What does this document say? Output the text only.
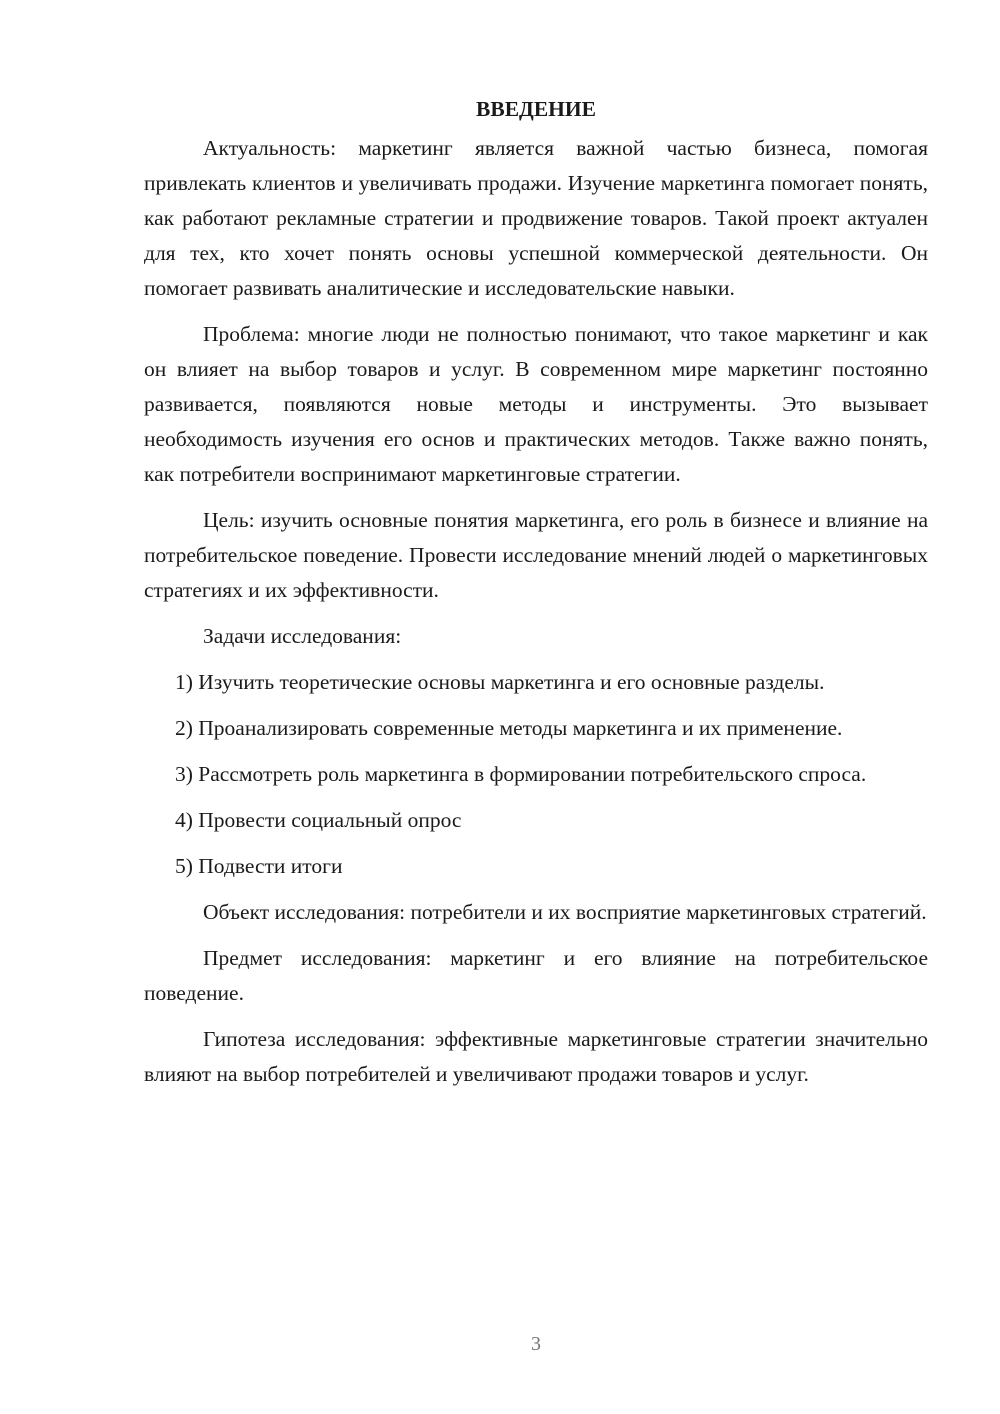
ВВЕДЕНИЕ

Актуальность: маркетинг является важной частью бизнеса, помогая привлекать клиентов и увеличивать продажи. Изучение маркетинга помогает понять, как работают рекламные стратегии и продвижение товаров. Такой проект актуален для тех, кто хочет понять основы успешной коммерческой деятельности. Он помогает развивать аналитические и исследовательские навыки.

Проблема: многие люди не полностью понимают, что такое маркетинг и как он влияет на выбор товаров и услуг. В современном мире маркетинг постоянно развивается, появляются новые методы и инструменты. Это вызывает необходимость изучения его основ и практических методов. Также важно понять, как потребители воспринимают маркетинговые стратегии.

Цель: изучить основные понятия маркетинга, его роль в бизнесе и влияние на потребительское поведение. Провести исследование мнений людей о маркетинговых стратегиях и их эффективности.

Задачи исследования:

1) Изучить теоретические основы маркетинга и его основные разделы.

2) Проанализировать современные методы маркетинга и их применение.

3) Рассмотреть роль маркетинга в формировании потребительского спроса.

4) Провести социальный опрос

5) Подвести итоги

Объект исследования: потребители и их восприятие маркетинговых стратегий.

Предмет исследования: маркетинг и его влияние на потребительское поведение.

Гипотеза исследования: эффективные маркетинговые стратегии значительно влияют на выбор потребителей и увеличивают продажи товаров и услуг.

3
